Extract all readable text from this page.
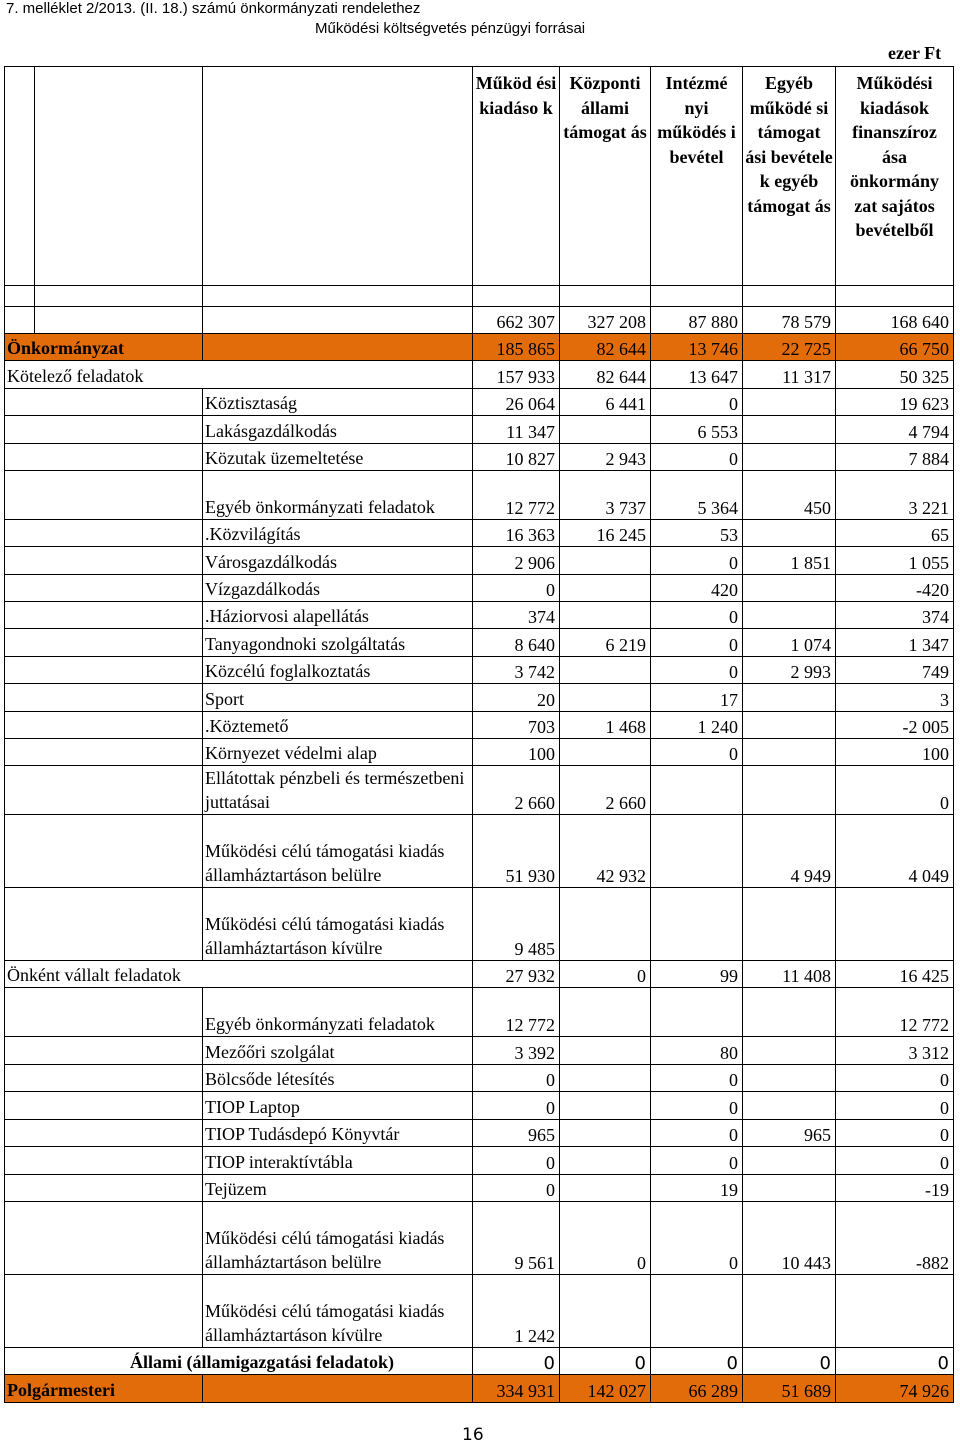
7. melléklet 2/2013. (II. 18.) számú önkormányzati rendelethez
Működési költségvetés pénzügyi forrásai
ezer Ft
			Működ ési kiadáso k	Központi állami támogat ás	Intézmé nyi működés i bevétel	Egyéb működé si támogat ási bevétele k egyéb támogat ás	Működési kiadások finanszíroz ása önkormány zat sajátos bevételből

			662 307	327 208	87 880	78 579	168 640
Önkormányzat			185 865	82 644	13 746	22 725	66 750
Kötelező feladatok			157 933	82 644	13 647	11 317	50 325
		Köztisztaság	26 064	6 441	0		19 623
		Lakásgazdálkodás	11 347		6 553		4 794
		Közutak üzemeltetése	10 827	2 943	0		7 884
		Egyéb önkormányzati feladatok	12 772	3 737	5 364	450	3 221
		.Közvilágítás	16 363	16 245	53		65
		Városgazdálkodás	2 906		0	1 851	1 055
		Vízgazdálkodás	0		420		-420
		.Háziorvosi alapellátás	374		0		374
		Tanyagondnoki szolgáltatás	8 640	6 219	0	1 074	1 347
		Közcélú foglalkoztatás	3 742		0	2 993	749
		Sport	20		17		3
		.Köztemető	703	1 468	1 240		-2 005
		Környezet védelmi alap	100		0		100
		Ellátottak pénzbeli és természetbeni juttatásai	2 660	2 660			0
		Működési célú támogatási kiadás államháztartáson belülre	51 930	42 932		4 949	4 049
		Működési célú támogatási kiadás államháztartáson kívülre	9 485				
Önként vállalt feladatok			27 932	0	99	11 408	16 425
		Egyéb önkormányzati feladatok	12 772				12 772
		Mezőőri szolgálat	3 392		80		3 312
		Bölcsőde létesítés	0		0		0
		TIOP Laptop	0		0		0
		TIOP Tudásdepó Könyvtár	965		0	965	0
		TIOP interaktívtábla	0		0		0
		Tejüzem	0		19		-19
		Működési célú támogatási kiadás államháztartáson belülre	9 561	0	0	10 443	-882
		Működési célú támogatási kiadás államháztartáson kívülre	1 242				
Állami (államigazgatási feladatok)			0	0	0	0	0
Polgármesteri			334 931	142 027	66 289	51 689	74 926
16
